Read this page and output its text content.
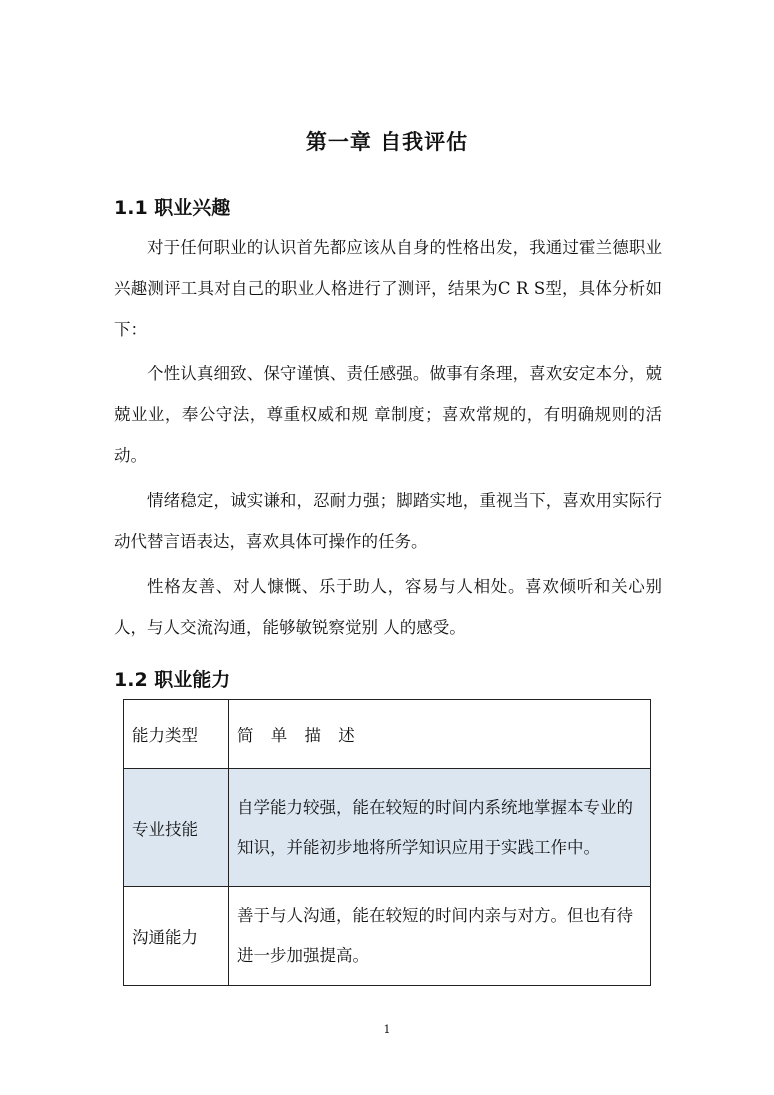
第一章 自我评估
1.1 职业兴趣

对于任何职业的认识首先都应该从自身的性格出发，我通过霍兰德职业兴趣测评工具对自己的职业人格进行了测评，结果为C R S型，具体分析如下：

个性认真细致、保守谨慎、责任感强。做事有条理，喜欢安定本分，兢兢业业，奉公守法，尊重权威和规 章制度；喜欢常规的，有明确规则的活动。

情绪稳定，诚实谦和，忍耐力强；脚踏实地，重视当下，喜欢用实际行动代替言语表达，喜欢具体可操作的任务。

性格友善、对人慷慨、乐于助人，容易与人相处。喜欢倾听和关心别人，与人交流沟通，能够敏锐察觉别 人的感受。

1.2 职业能力
能力类型	简 单 描 述
专业技能	自学能力较强，能在较短的时间内系统地掌握本专业的知识，并能初步地将所学知识应用于实践工作中。

沟通能力	善于与人沟通，能在较短的时间内亲与对方。但也有待进一步加强提高。
1
